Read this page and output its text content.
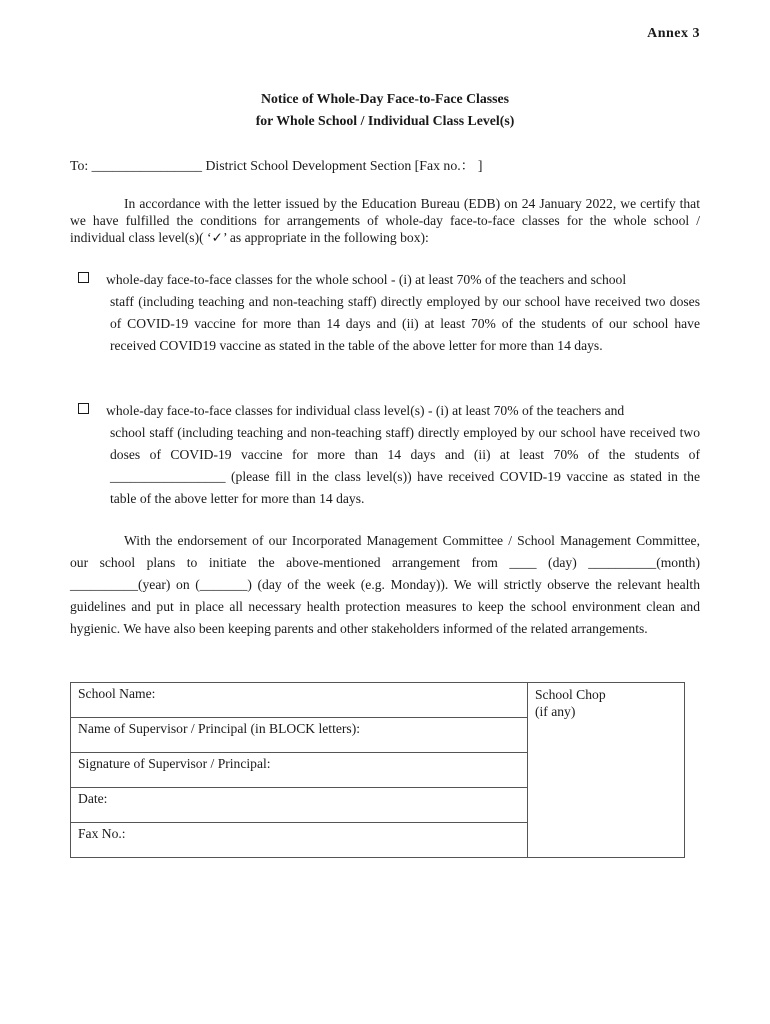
Annex 3
Notice of Whole-Day Face-to-Face Classes
for Whole School / Individual Class Level(s)
To: ________________ District School Development Section [Fax no.： ]
In accordance with the letter issued by the Education Bureau (EDB) on 24 January 2022, we certify that we have fulfilled the conditions for arrangements of whole-day face-to-face classes for the whole school / individual class level(s)( ‘✓’ as appropriate in the following box):
whole-day face-to-face classes for the whole school - (i) at least 70% of the teachers and school
staff (including teaching and non-teaching staff) directly employed by our school have received two doses of COVID-19 vaccine for more than 14 days and (ii) at least 70% of the students of our school have received COVID19 vaccine as stated in the table of the above letter for more than 14 days.
whole-day face-to-face classes for individual class level(s) - (i) at least 70% of the teachers and
school staff (including teaching and non-teaching staff) directly employed by our school have received two doses of COVID-19 vaccine for more than 14 days and (ii) at least 70% of the students of _________________ (please fill in the class level(s)) have received COVID-19 vaccine as stated in the table of the above letter for more than 14 days.
With the endorsement of our Incorporated Management Committee / School Management Committee, our school plans to initiate the above-mentioned arrangement from ____ (day) __________(month) __________(year) on (_______) (day of the week (e.g. Monday)). We will strictly observe the relevant health guidelines and put in place all necessary health protection measures to keep the school environment clean and hygienic. We have also been keeping parents and other stakeholders informed of the related arrangements.
School Name:	School Chop
(if any)
Name of Supervisor / Principal (in BLOCK letters):
Signature of Supervisor / Principal:
Date:
Fax No.:
